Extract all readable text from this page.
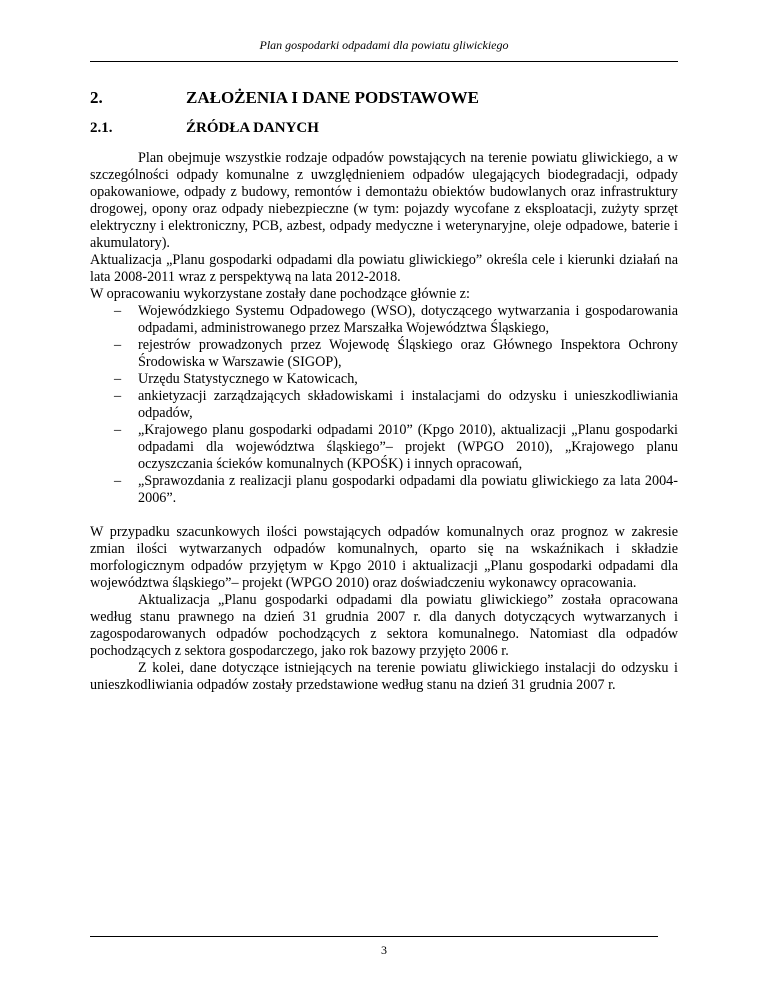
Plan gospodarki odpadami dla powiatu gliwickiego
2.	ZAŁOŻENIA I DANE PODSTAWOWE
2.1.	ŹRÓDŁA DANYCH

Plan obejmuje wszystkie rodzaje odpadów powstających na terenie powiatu gliwickiego, a w szczególności odpady komunalne z uwzględnieniem odpadów ulegających biodegradacji, odpady opakowaniowe, odpady z budowy, remontów i demontażu obiektów budowlanych oraz infrastruktury drogowej, opony oraz odpady niebezpieczne (w tym: pojazdy wycofane z eksploatacji, zużyty sprzęt elektryczny i elektroniczny, PCB, azbest, odpady medyczne i weterynaryjne, oleje odpadowe, baterie i akumulatory).

Aktualizacja „Planu gospodarki odpadami dla powiatu gliwickiego” określa cele i kierunki działań na lata 2008-2011 wraz z perspektywą na lata 2012-2018.

W opracowaniu wykorzystane zostały dane pochodzące głównie z:

– Wojewódzkiego Systemu Odpadowego (WSO), dotyczącego wytwarzania i gospodarowania odpadami, administrowanego przez Marszałka Województwa Śląskiego,
– rejestrów prowadzonych przez Wojewodę Śląskiego oraz Głównego Inspektora Ochrony Środowiska w Warszawie (SIGOP),
– Urzędu Statystycznego w Katowicach,
– ankietyzacji zarządzających składowiskami i instalacjami do odzysku i unieszkodliwiania odpadów,
– „Krajowego planu gospodarki odpadami 2010” (Kpgo 2010), aktualizacji „Planu gospodarki odpadami dla województwa śląskiego”– projekt (WPGO 2010), „Krajowego planu oczyszczania ścieków komunalnych (KPOŚK) i innych opracowań,
– „Sprawozdania z realizacji planu gospodarki odpadami dla powiatu gliwickiego za lata 2004-2006”.

W przypadku szacunkowych ilości powstających odpadów komunalnych oraz prognoz w zakresie zmian ilości wytwarzanych odpadów komunalnych, oparto się na wskaźnikach i składzie morfologicznym odpadów przyjętym w Kpgo 2010 i aktualizacji „Planu gospodarki odpadami dla województwa śląskiego”– projekt (WPGO 2010) oraz doświadczeniu wykonawcy opracowania.

Aktualizacja „Planu gospodarki odpadami dla powiatu gliwickiego” została opracowana według stanu prawnego na dzień 31 grudnia 2007 r. dla danych dotyczących wytwarzanych i zagospodarowanych odpadów pochodzących z sektora komunalnego. Natomiast dla odpadów pochodzących z sektora gospodarczego, jako rok bazowy przyjęto 2006 r.

Z kolei, dane dotyczące istniejących na terenie powiatu gliwickiego instalacji do odzysku i unieszkodliwiania odpadów zostały przedstawione według stanu na dzień 31 grudnia 2007 r.

3
